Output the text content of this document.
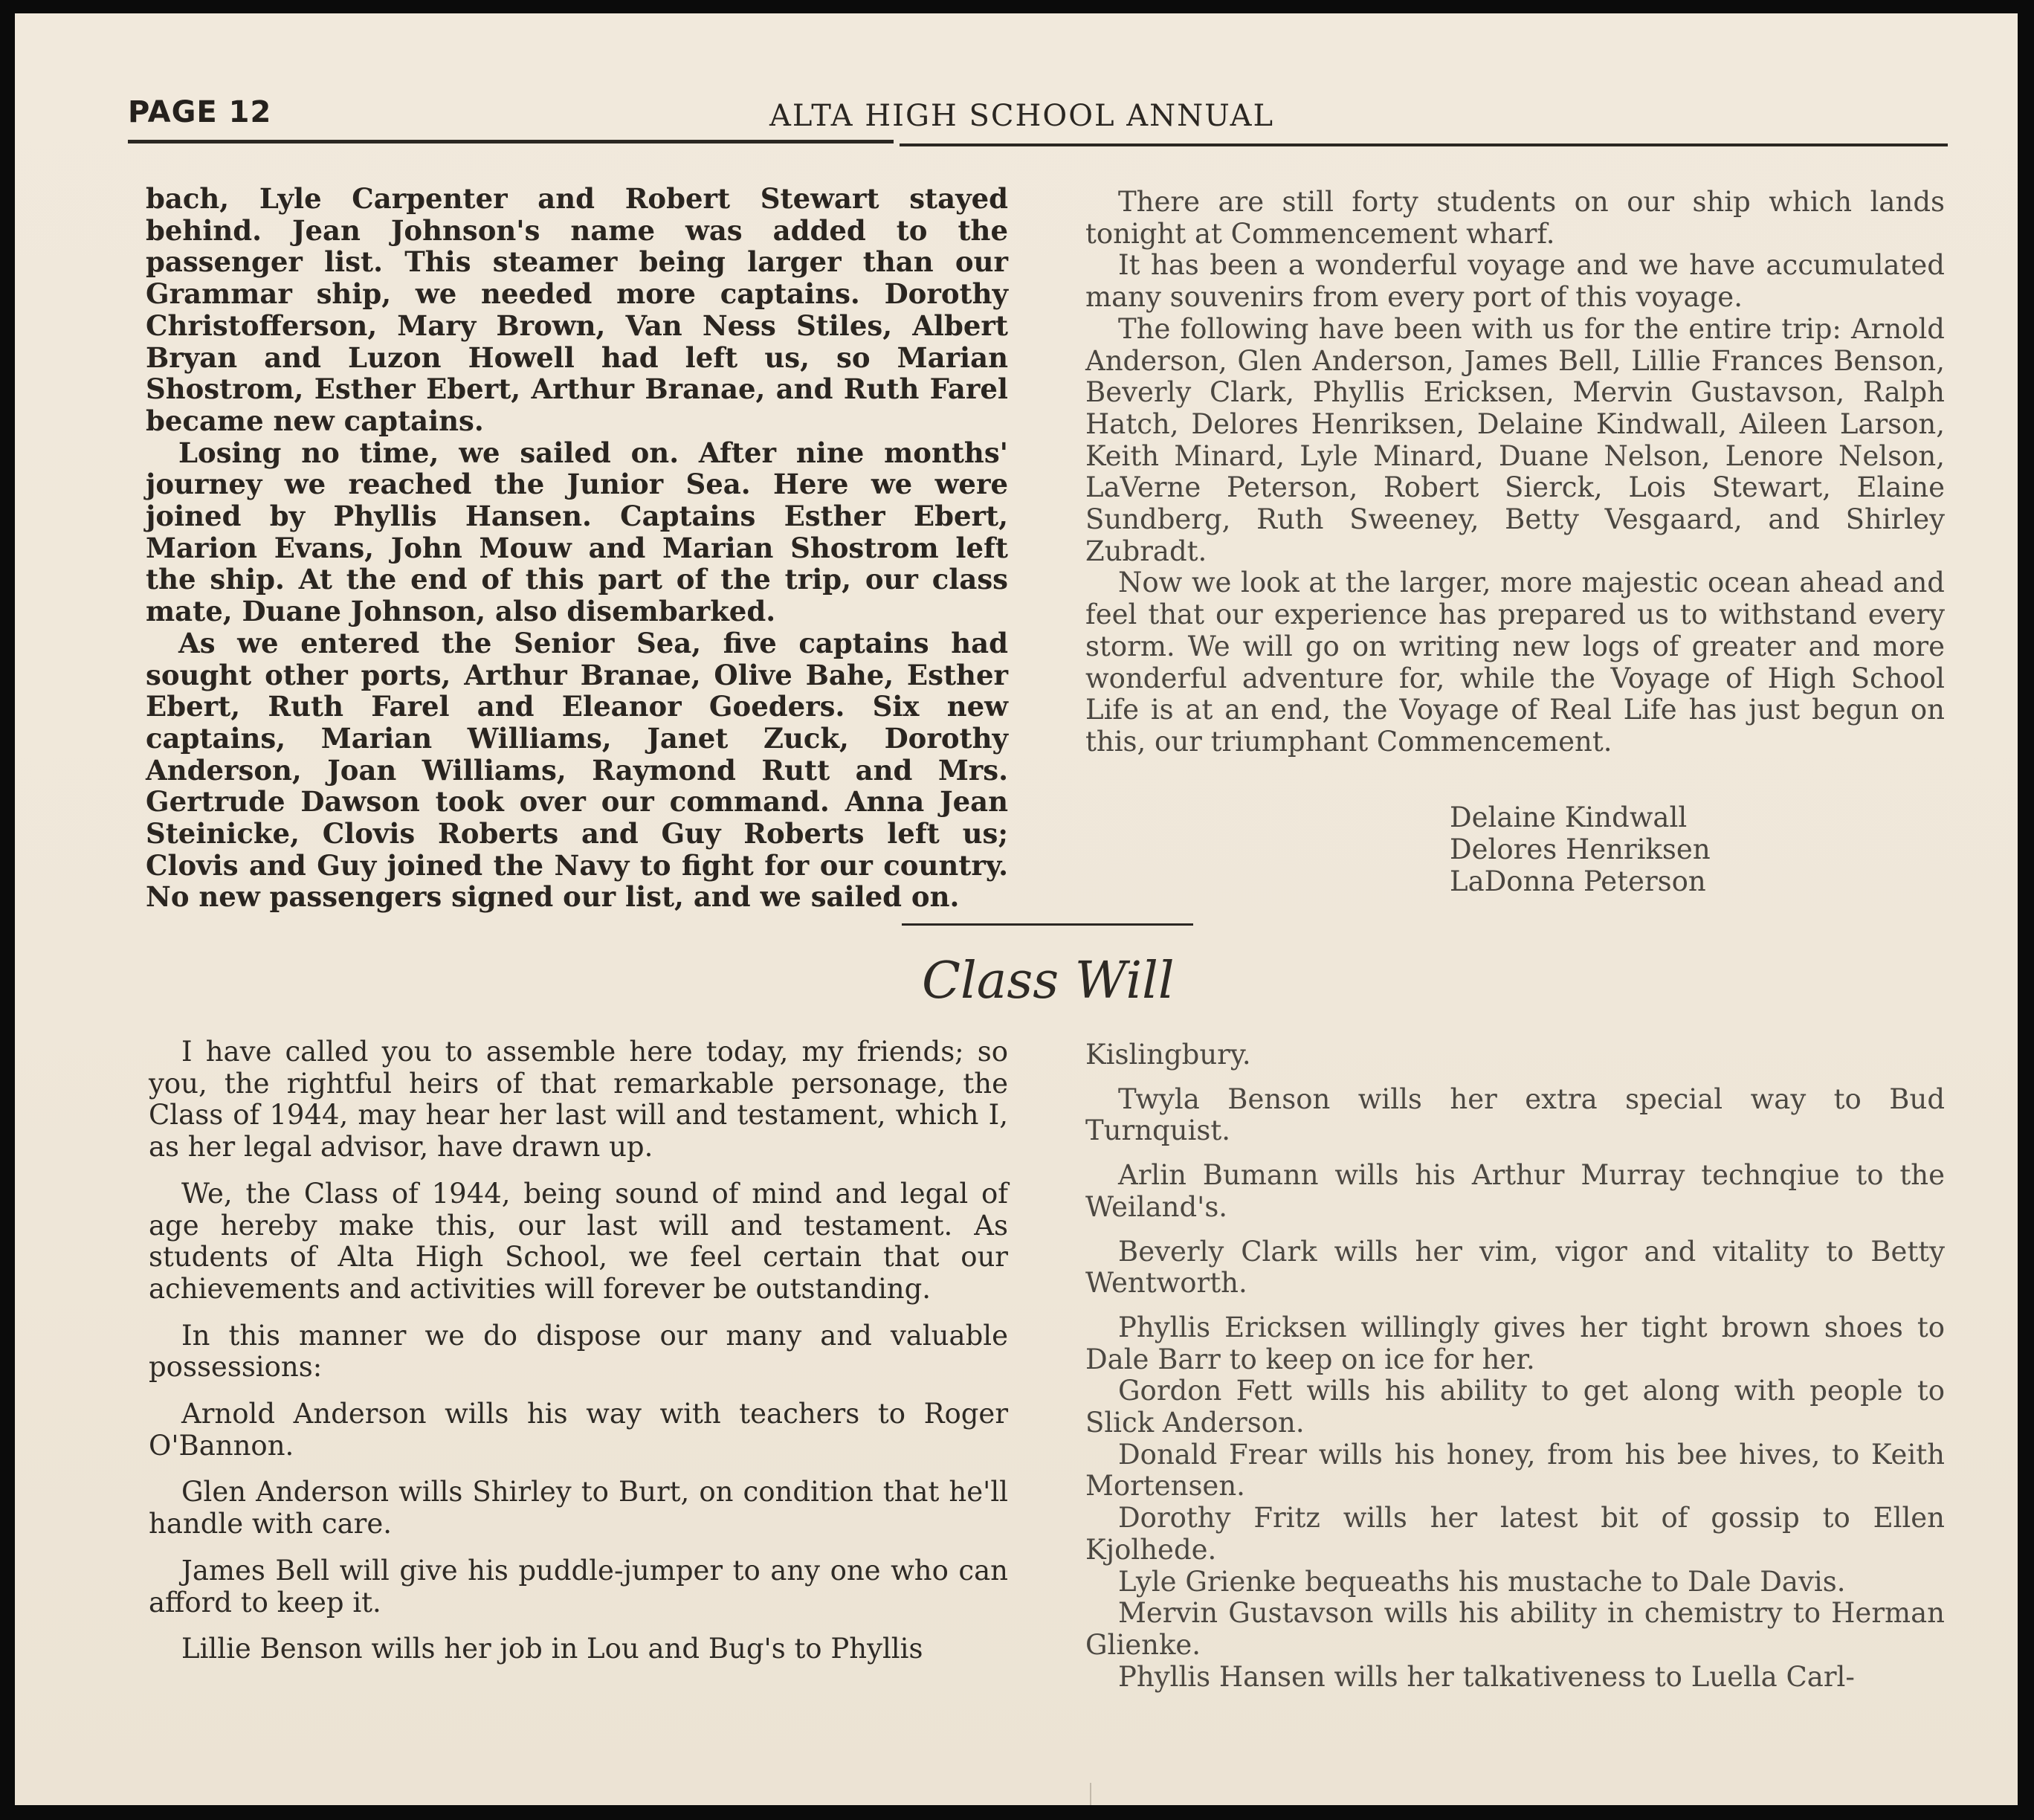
PAGE 12	ALTA HIGH SCHOOL ANNUAL

bach, Lyle Carpenter and Robert Stewart stayed behind. Jean Johnson's name was added to the passenger list. This steamer being larger than our Grammar ship, we needed more captains. Dorothy Christofferson, Mary Brown, Van Ness Stiles, Albert Bryan and Luzon Howell had left us, so Marian Shostrom, Esther Ebert, Arthur Branae, and Ruth Farel became new captains.

Losing no time, we sailed on. After nine months' journey we reached the Junior Sea. Here we were joined by Phyllis Hansen. Captains Esther Ebert, Marion Evans, John Mouw and Marian Shostrom left the ship. At the end of this part of the trip, our class mate, Duane Johnson, also disembarked.

As we entered the Senior Sea, five captains had sought other ports, Arthur Branae, Olive Bahe, Esther Ebert, Ruth Farel and Eleanor Goeders. Six new captains, Marian Williams, Janet Zuck, Dorothy Anderson, Joan Williams, Raymond Rutt and Mrs. Gertrude Dawson took over our command. Anna Jean Steinicke, Clovis Roberts and Guy Roberts left us; Clovis and Guy joined the Navy to fight for our country. No new passengers signed our list, and we sailed on.

There are still forty students on our ship which lands tonight at Commencement wharf.

It has been a wonderful voyage and we have accumulated many souvenirs from every port of this voyage.

The following have been with us for the entire trip: Arnold Anderson, Glen Anderson, James Bell, Lillie Frances Benson, Beverly Clark, Phyllis Ericksen, Mervin Gustavson, Ralph Hatch, Delores Henriksen, Delaine Kindwall, Aileen Larson, Keith Minard, Lyle Minard, Duane Nelson, Lenore Nelson, LaVerne Peterson, Robert Sierck, Lois Stewart, Elaine Sundberg, Ruth Sweeney, Betty Vesgaard, and Shirley Zubradt.

Now we look at the larger, more majestic ocean ahead and feel that our experience has prepared us to withstand every storm. We will go on writing new logs of greater and more wonderful adventure for, while the Voyage of High School Life is at an end, the Voyage of Real Life has just begun on this, our triumphant Commencement.

Delaine Kindwall
Delores Henriksen
LaDonna Peterson
Class Will

I have called you to assemble here today, my friends; so you, the rightful heirs of that remarkable personage, the Class of 1944, may hear her last will and testament, which I, as her legal advisor, have drawn up.

We, the Class of 1944, being sound of mind and legal of age hereby make this, our last will and testament. As students of Alta High School, we feel certain that our achievements and activities will forever be outstanding.

In this manner we do dispose our many and valuable possessions:

Arnold Anderson wills his way with teachers to Roger O'Bannon.

Glen Anderson wills Shirley to Burt, on condition that he'll handle with care.

James Bell will give his puddle-jumper to any one who can afford to keep it.

Lillie Benson wills her job in Lou and Bug's to Phyllis

Kislingbury.

Twyla Benson wills her extra special way to Bud Turnquist.

Arlin Bumann wills his Arthur Murray technqiue to the Weiland's.

Beverly Clark wills her vim, vigor and vitality to Betty Wentworth.

Phyllis Ericksen willingly gives her tight brown shoes to Dale Barr to keep on ice for her.

Gordon Fett wills his ability to get along with people to Slick Anderson.

Donald Frear wills his honey, from his bee hives, to Keith Mortensen.

Dorothy Fritz wills her latest bit of gossip to Ellen Kjolhede.

Lyle Grienke bequeaths his mustache to Dale Davis.

Mervin Gustavson wills his ability in chemistry to Herman Glienke.

Phyllis Hansen wills her talkativeness to Luella Carl-
